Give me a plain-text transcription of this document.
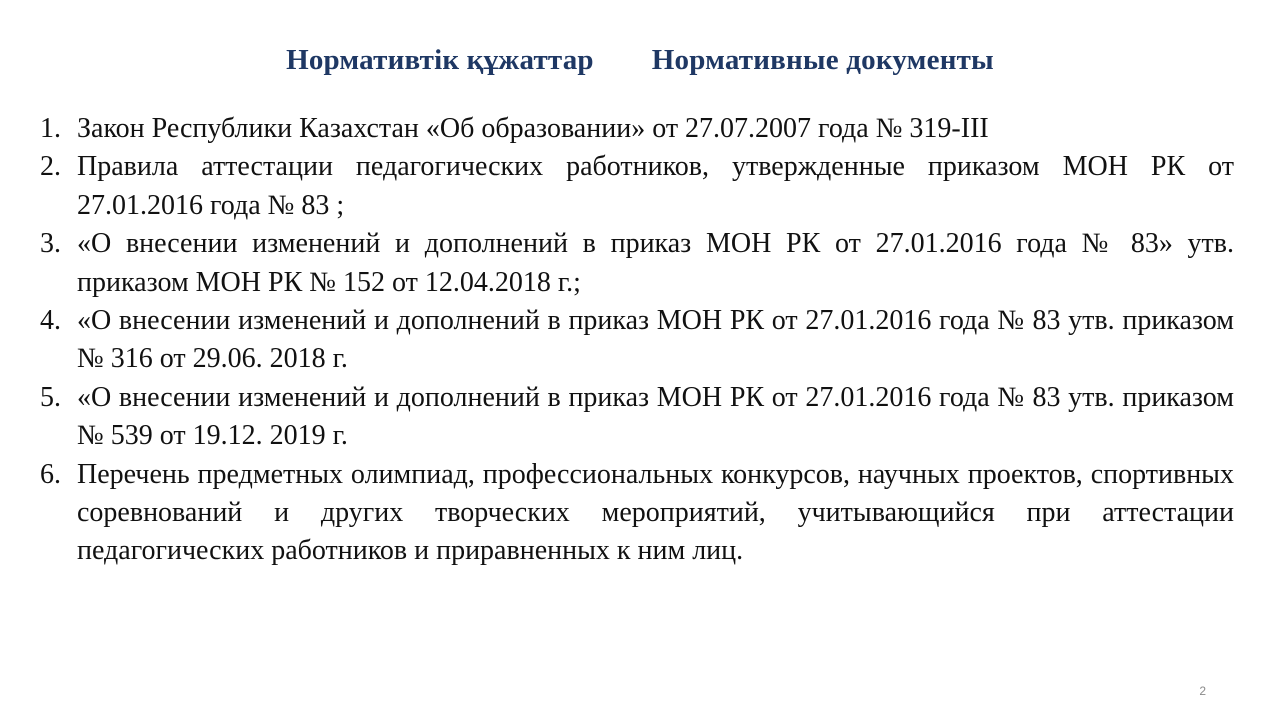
Нормативтік құжаттар Нормативные документы
1. Закон Республики Казахстан «Об образовании» от 27.07.2007 года № 319-III
2. Правила аттестации педагогических работников, утвержденные приказом МОН РК от 27.01.2016 года № 83 ;
3. «О внесении изменений и дополнений в приказ МОН РК от 27.01.2016 года № 83» утв. приказом МОН РК № 152 от 12.04.2018 г.;
4. «О внесении изменений и дополнений в приказ МОН РК от 27.01.2016 года № 83 утв. приказом № 316 от 29.06. 2018 г.
5. «О внесении изменений и дополнений в приказ МОН РК от 27.01.2016 года № 83 утв. приказом № 539 от 19.12. 2019 г.
6. Перечень предметных олимпиад, профессиональных конкурсов, научных проектов, спортивных соревнований и других творческих мероприятий, учитывающийся при аттестации педагогических работников и приравненных к ним лиц.
2
